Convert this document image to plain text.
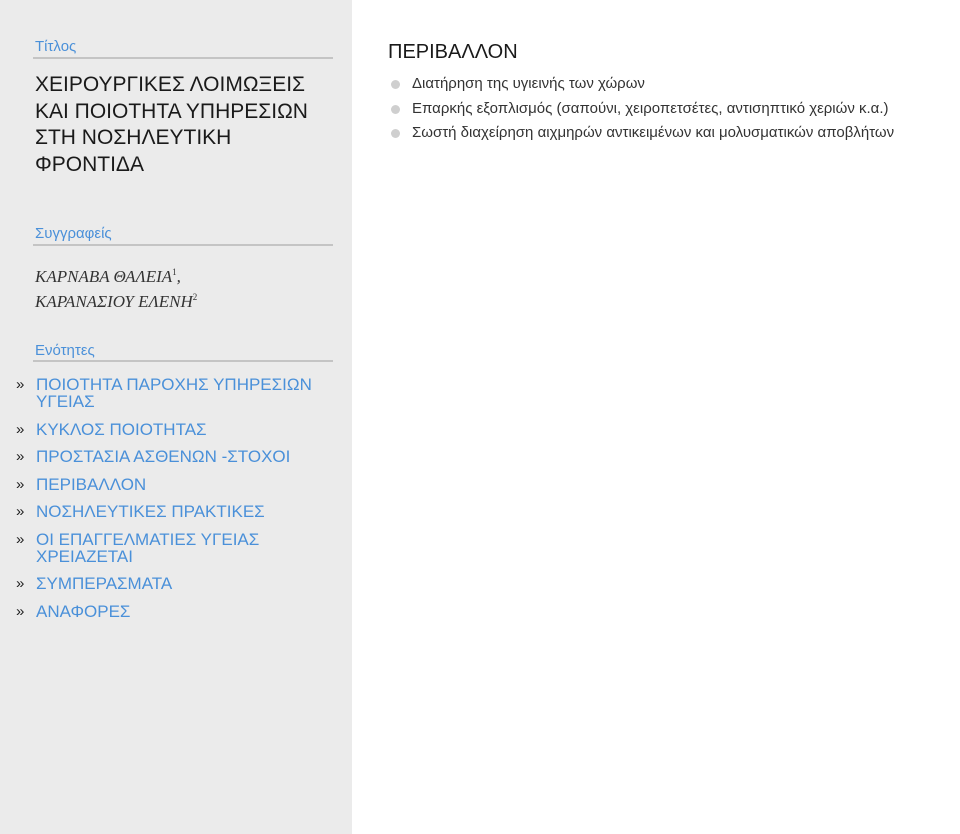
Τίτλος
ΧΕΙΡΟΥΡΓΙΚΕΣ ΛΟΙΜΩΞΕΙΣ ΚΑΙ ΠΟΙΟΤΗΤΑ ΥΠΗΡΕΣΙΩΝ ΣΤΗ ΝΟΣΗΛΕΥΤΙΚΗ ΦΡΟΝΤΙΔΑ
Συγγραφείς
ΚΑΡΝΑΒΑ ΘΑΛΕΙΑ$^1$,
ΚΑΡΑΝΑΣΙΟΥ ΕΛΕΝΗ$^2$
Ενότητες
» ΠΟΙΟΤΗΤΑ ΠΑΡΟΧΗΣ ΥΠΗΡΕΣΙΩΝ ΥΓΕΙΑΣ
» ΚΥΚΛΟΣ ΠΟΙΟΤΗΤΑΣ
» ΠΡΟΣΤΑΣΙΑ ΑΣΘΕΝΩΝ -ΣΤΟΧΟΙ
» ΠΕΡΙΒΑΛΛΟΝ
» ΝΟΣΗΛΕΥΤΙΚΕΣ ΠΡΑΚΤΙΚΕΣ
» ΟΙ ΕΠΑΓΓΕΛΜΑΤΙΕΣ ΥΓΕΙΑΣ ΧΡΕΙΑΖΕΤΑΙ
» ΣΥΜΠΕΡΑΣΜΑΤΑ
» ΑΝΑΦΟΡΕΣ
ΠΕΡΙΒΑΛΛΟΝ
Διατήρηση της υγιεινής των χώρων
Επαρκής εξοπλισμός (σαπούνι, χειροπετσέτες, αντισηπτικό χεριών κ.α.)
Σωστή διαχείρηση αιχμηρών αντικειμένων και μολυσματικών αποβλήτων
